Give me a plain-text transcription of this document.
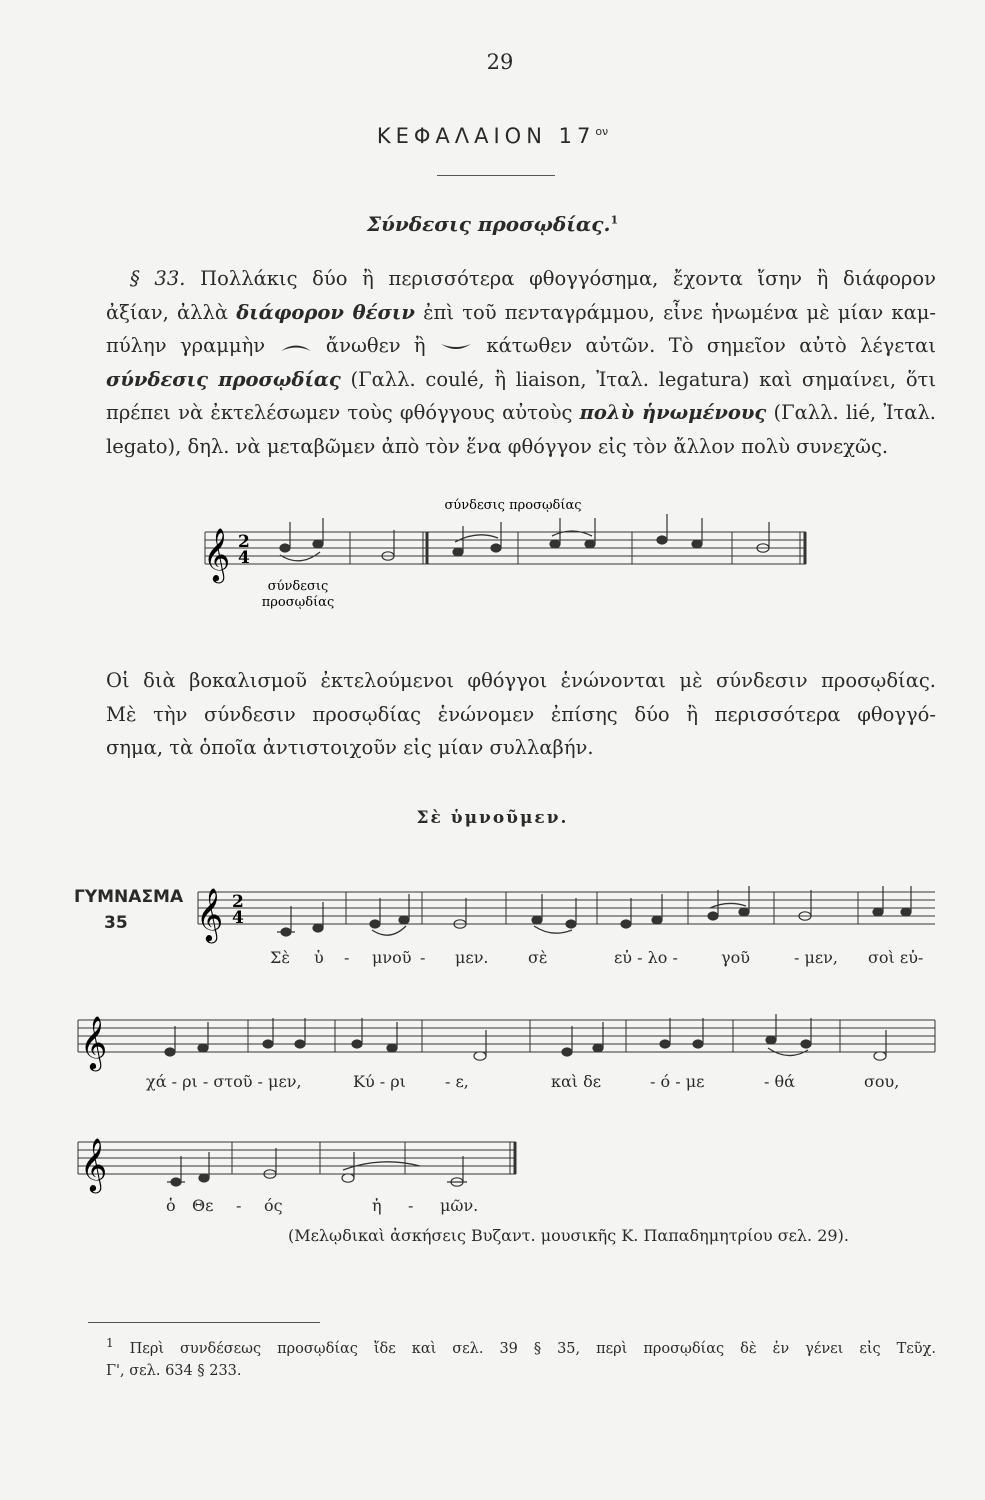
29
ΚΕΦΑΛΑΙΟΝ $17^{o\nu}$
Σύνδεσις προσῳδίας.$^1$
§ 33. Πολλάκις δύο ἢ περισσότερα φθογγόσημα, ἔχοντα ἴσην ἢ διάφορον
ἀξίαν, ἀλλὰ διάφορον θέσιν ἐπὶ τοῦ πενταγράμμου, εἶνε ἡνωμένα μὲ μίαν καμ-
πύλην γραμμὴν	ἄνωθεν ἢ	κάτωθεν αὐτῶν. Τὸ σημεῖον αὐτὸ λέγεται
σύνδεσις προσῳδίας (Γαλλ. coulé, ἢ liaison, Ἰταλ. legatura) καὶ σημαίνει, ὅτι
πρέπει νὰ ἐκτελέσωμεν τοὺς φθόγγους αὐτοὺς πολὺ ἡνωμένους (Γαλλ. lié, Ἰταλ.
legato), δηλ. νὰ μεταβῶμεν ἀπὸ τὸν ἕνα φθόγγον εἰς τὸν ἄλλον πολὺ συνεχῶς.
σύνδεσις προσῳδίας
𝄞 2
4
σύνδεσις
προσῳδίας
Οἱ διὰ βοκαλισμοῦ ἐκτελούμενοι φθόγγοι ἑνώνονται μὲ σύνδεσιν προσῳδίας.
Μὲ τὴν σύνδεσιν προσῳδίας ἑνώνομεν ἐπίσης δύο ἢ περισσότερα φθογγό-
σημα, τὰ ὁποῖα ἀντιστοιχοῦν εἰς μίαν συλλαβήν.
Σὲ ὑμνοῦμεν.
ΓΥΜΝΑΣΜΑ
35	𝄞 2
4
Σὲ ὑ - μνοῦ - μεν. σὲ	εὐ - λο -	γοῦ	- μεν, σοὶ εὐ-
𝄞
χά - ρι - στοῦ - μεν,	Κύ - ρι - ε,	καὶ δε	- ό - με	- θά	σου,
𝄞
ὁ Θε - ός	ἡ - μῶν.
(Μελῳδικαὶ ἀσκήσεις Βυζαντ. μουσικῆς Κ. Παπαδημητρίου σελ. 29).
$^1$ Περὶ συνδέσεως προσῳδίας ἴδε καὶ σελ. 39 § 35, περὶ προσῳδίας δὲ ἐν γένει εἰς Τεῦχ.
Γ', σελ. 634 § 233.
